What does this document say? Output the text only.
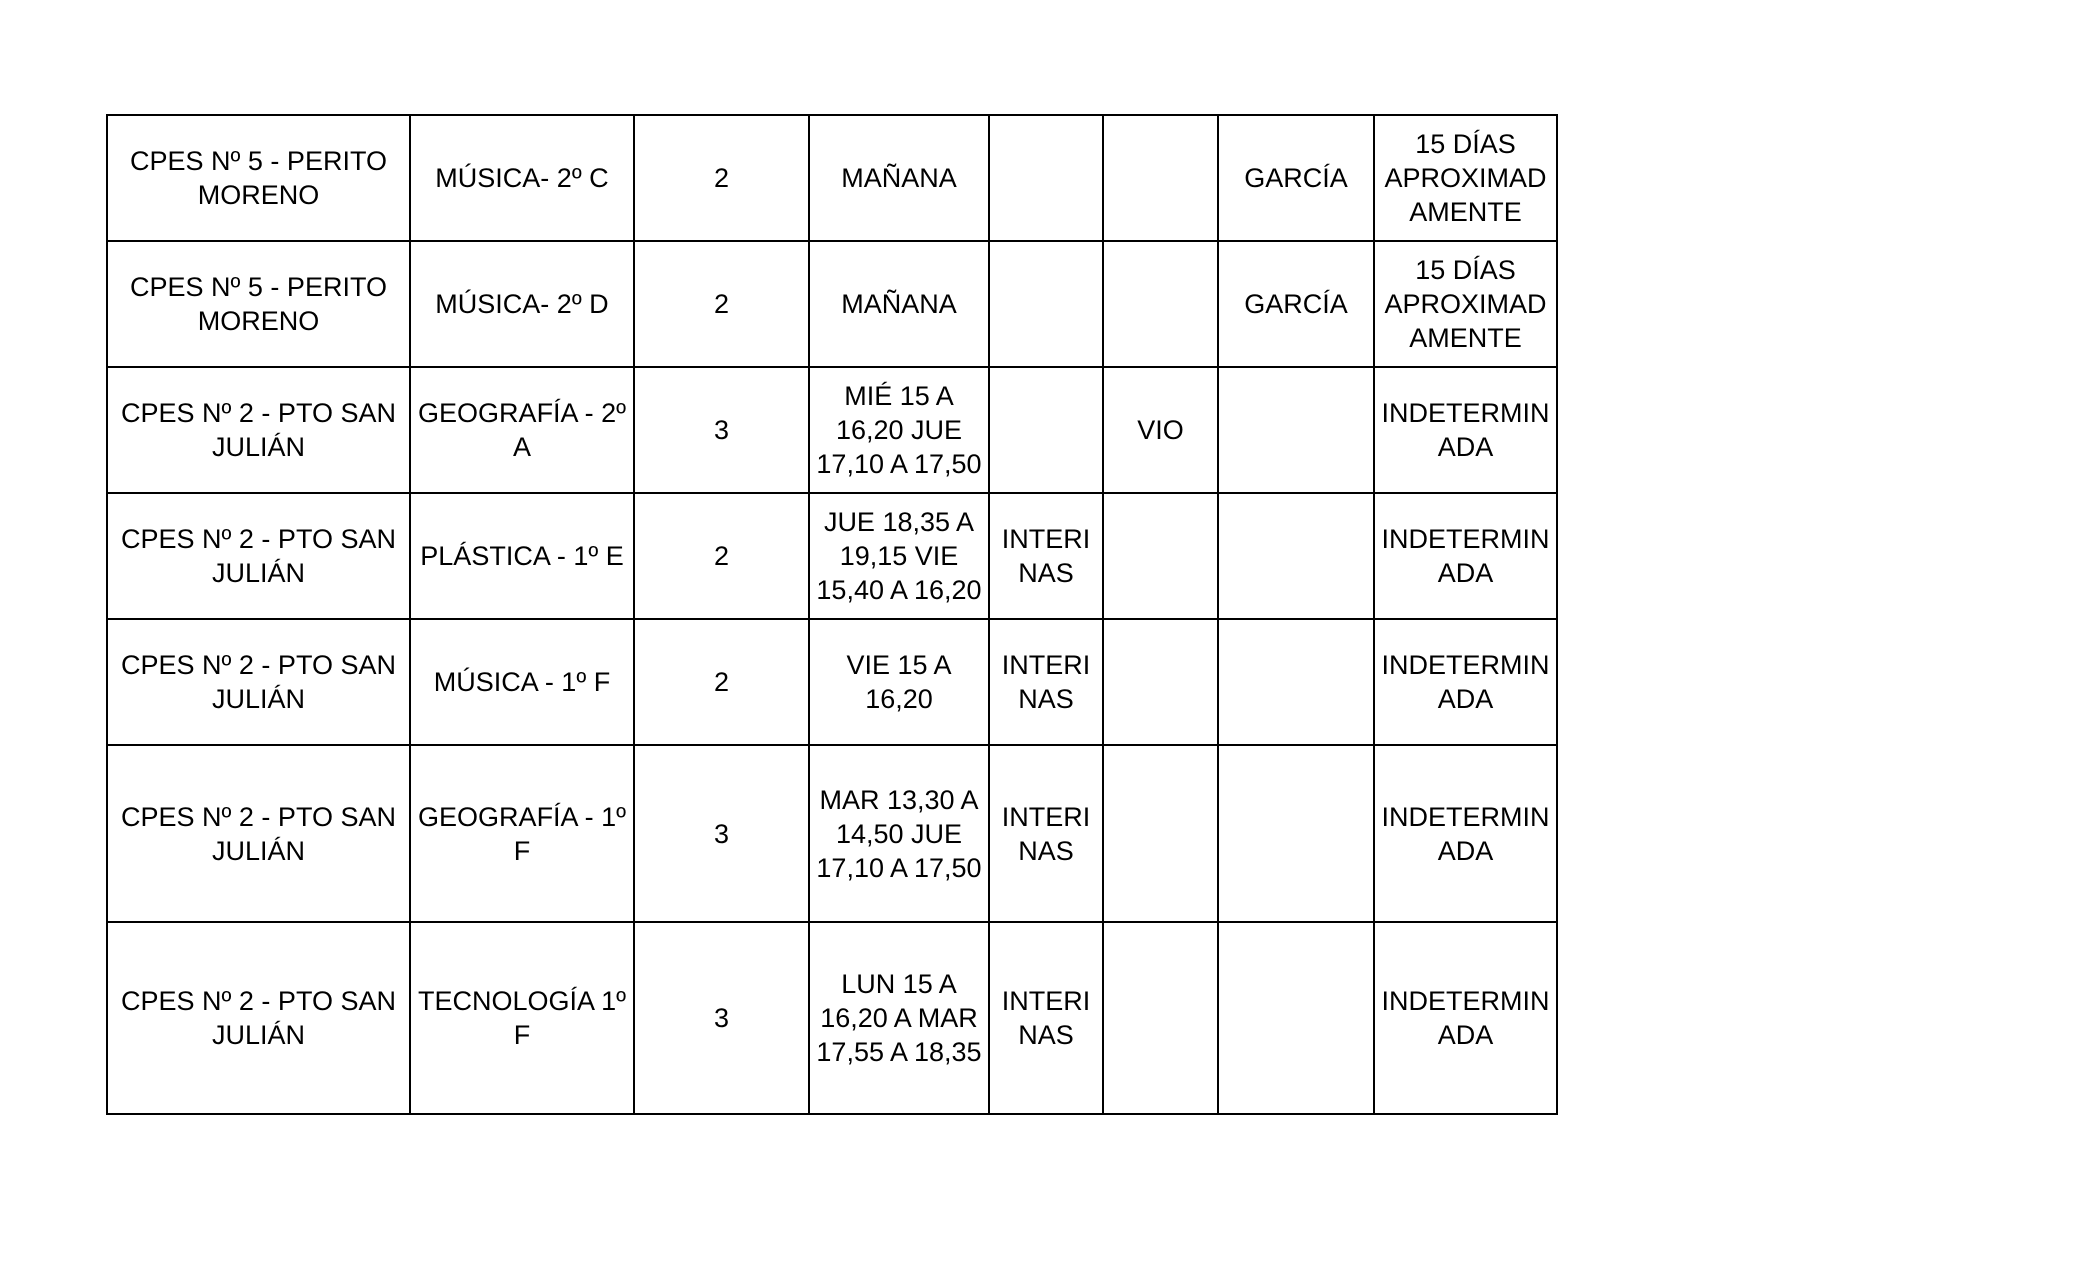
CPES Nº 5 - PERITO MORENO	MÚSICA- 2º C	2	MAÑANA			GARCÍA	15 DÍAS APROXIMADAMENTE
CPES Nº 5 - PERITO MORENO	MÚSICA- 2º D	2	MAÑANA			GARCÍA	15 DÍAS APROXIMADAMENTE
CPES Nº 2 - PTO SAN JULIÁN	GEOGRAFÍA - 2º A	3	MIÉ 15 A 16,20 JUE 17,10 A 17,50		VIO		INDETERMINADA
CPES Nº 2 - PTO SAN JULIÁN	PLÁSTICA - 1º E	2	JUE 18,35 A 19,15 VIE 15,40 A 16,20	INTERINAS			INDETERMINADA
CPES Nº 2 - PTO SAN JULIÁN	MÚSICA - 1º F	2	VIE 15 A 16,20	INTERINAS			INDETERMINADA
CPES Nº 2 - PTO SAN JULIÁN	GEOGRAFÍA - 1º F	3	MAR 13,30 A 14,50 JUE 17,10 A 17,50	INTERINAS			INDETERMINADA
CPES Nº 2 - PTO SAN JULIÁN	TECNOLOGÍA 1º F	3	LUN 15 A 16,20 A MAR 17,55 A 18,35	INTERINAS			INDETERMINADA
